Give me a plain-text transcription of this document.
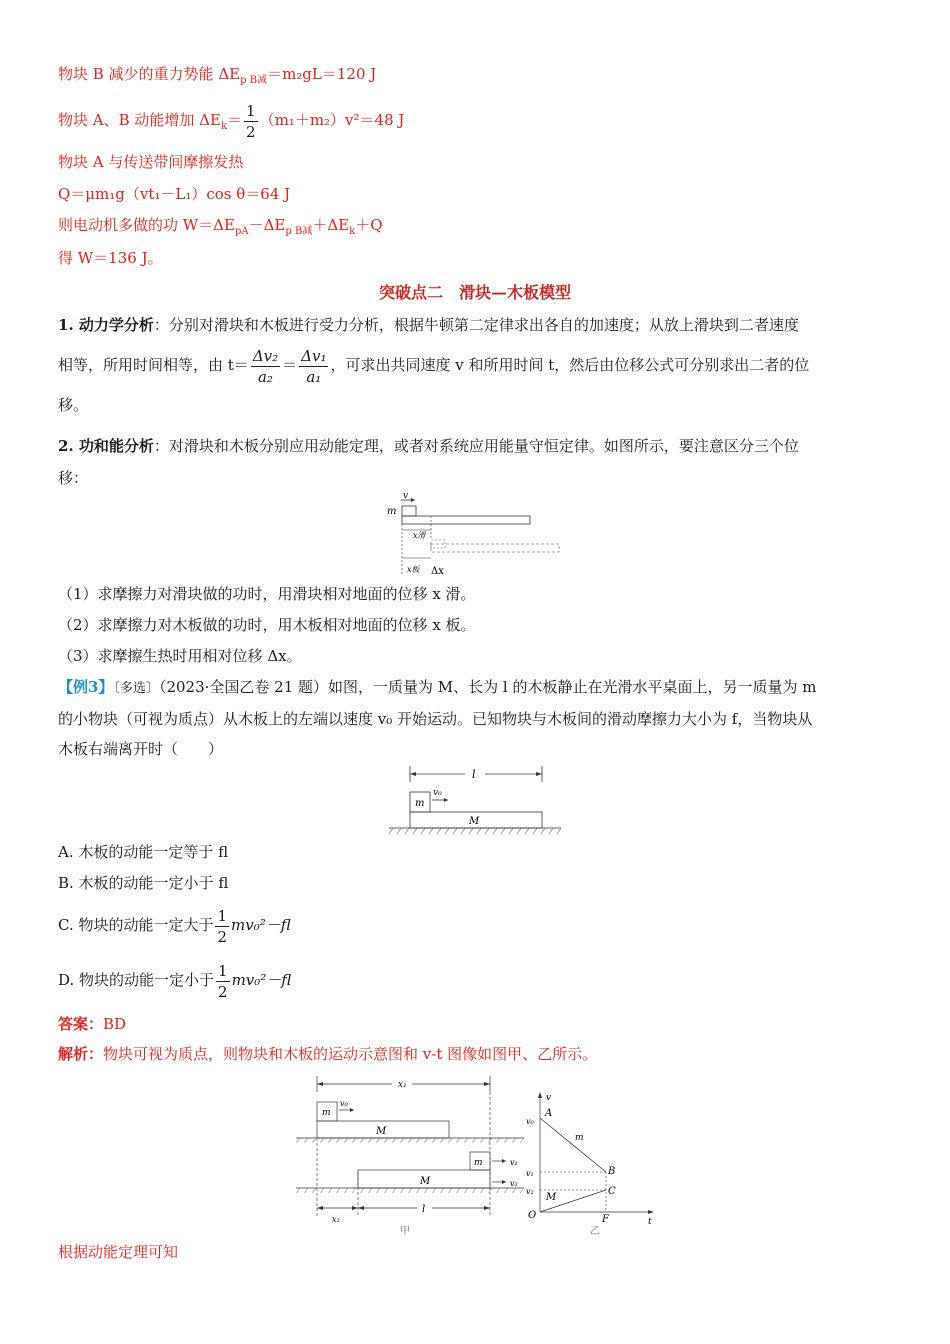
物块 B 减少的重力势能 $\Delta E_{p B减}=m_2gL=120$ J
物块 A、B 动能增加 $\Delta E_k= \frac{1}{2} (m_1+m_2)v^2=48$ J
物块 A 与传送带间摩擦发热
Q＝μm₁g（vt₁－L₁）cos θ＝64 J
则电动机多做的功 $W=\Delta E_{pA}-\Delta E_{p B减}+\Delta E_k+Q$
得 W＝136 J。
突破点二　滑块—木板模型
1. 动力学分析：分别对滑块和木板进行受力分析，根据牛顿第二定律求出各自的加速度；从放上滑块到二者速度
相等，所用时间相等，由 $t= \frac{\text{Δv₂}}{\text{a₂}} = \frac{\text{Δv₁}}{\text{a₁}}$ ，可求出共同速度 v 和所用时间 t，然后由位移公式可分别求出二者的位
移。
2. 功和能分析：对滑块和木板分别应用动能定理，或者对系统应用能量守恒定律。如图所示，要注意区分三个位
移：
v
m
x滑
x板 Δx
（1）求摩擦力对滑块做的功时，用滑块相对地面的位移 x 滑。
（2）求摩擦力对木板做的功时，用木板相对地面的位移 x 板。
（3）求摩擦生热时用相对位移 Δx。
【例3】〔多选〕（2023·全国乙卷 21 题）如图，一质量为 M、长为 l 的木板静止在光滑水平桌面上，另一质量为 m
的小物块（可视为质点）从木板上的左端以速度 v₀ 开始运动。已知物块与木板间的滑动摩擦力大小为 f，当物块从
木板右端离开时（　　）
l
m
v₀
M
A. 木板的动能一定等于 fl
B. 木板的动能一定小于 fl
C. 物块的动能一定大于 $\frac{1}{2} mv_0^2-fl$
D. 物块的动能一定小于 $\frac{1}{2} mv_0^2-fl$
答案：BD
解析：物块可视为质点，则物块和木板的运动示意图和 v-t 图像如图甲、乙所示。
x₁
m
v₀
M
m	v₁
M	v₂
x₂
l
甲
v
t
O
A
v₀
m
v₁	B
v₂
M
C
F
乙
根据动能定理可知
